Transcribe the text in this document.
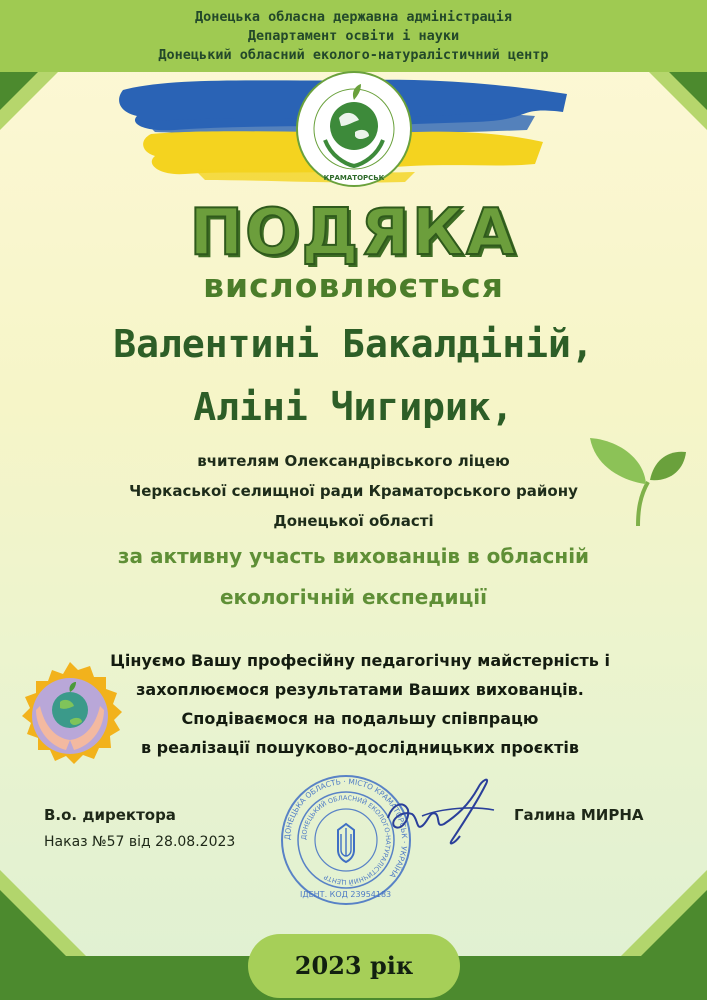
Донецька обласна державна адміністрація
Департамент освіти і науки
Донецький обласний еколого-натуралістичний центр
КРАМАТОРСЬК
ПОДЯКА
висловлюється
Валентині Бакалдіній,
Аліні Чигирик,
вчителям Олександрівського ліцею
Черкаської селищної ради Краматорського району
Донецької області
за активну участь вихованців в обласній
екологічній експедиції
Цінуємо Вашу професійну педагогічну майстерність і
захоплюємося результатами Ваших вихованців.
Сподіваємося на подальшу співпрацю
в реалізації пошуково-дослідницьких проєктів
ДОНЕЦЬКА ОБЛАСТЬ · МІСТО КРАМАТОРСЬК · УКРАЇНА
ДОНЕЦЬКИЙ ОБЛАСНИЙ ЕКОЛОГО-НАТУРАЛІСТИЧНИЙ ЦЕНТР
ІДЕНТ. КОД 23954183
В.о. директора
Наказ №57 від 28.08.2023
Галина МИРНА
2023 рік
